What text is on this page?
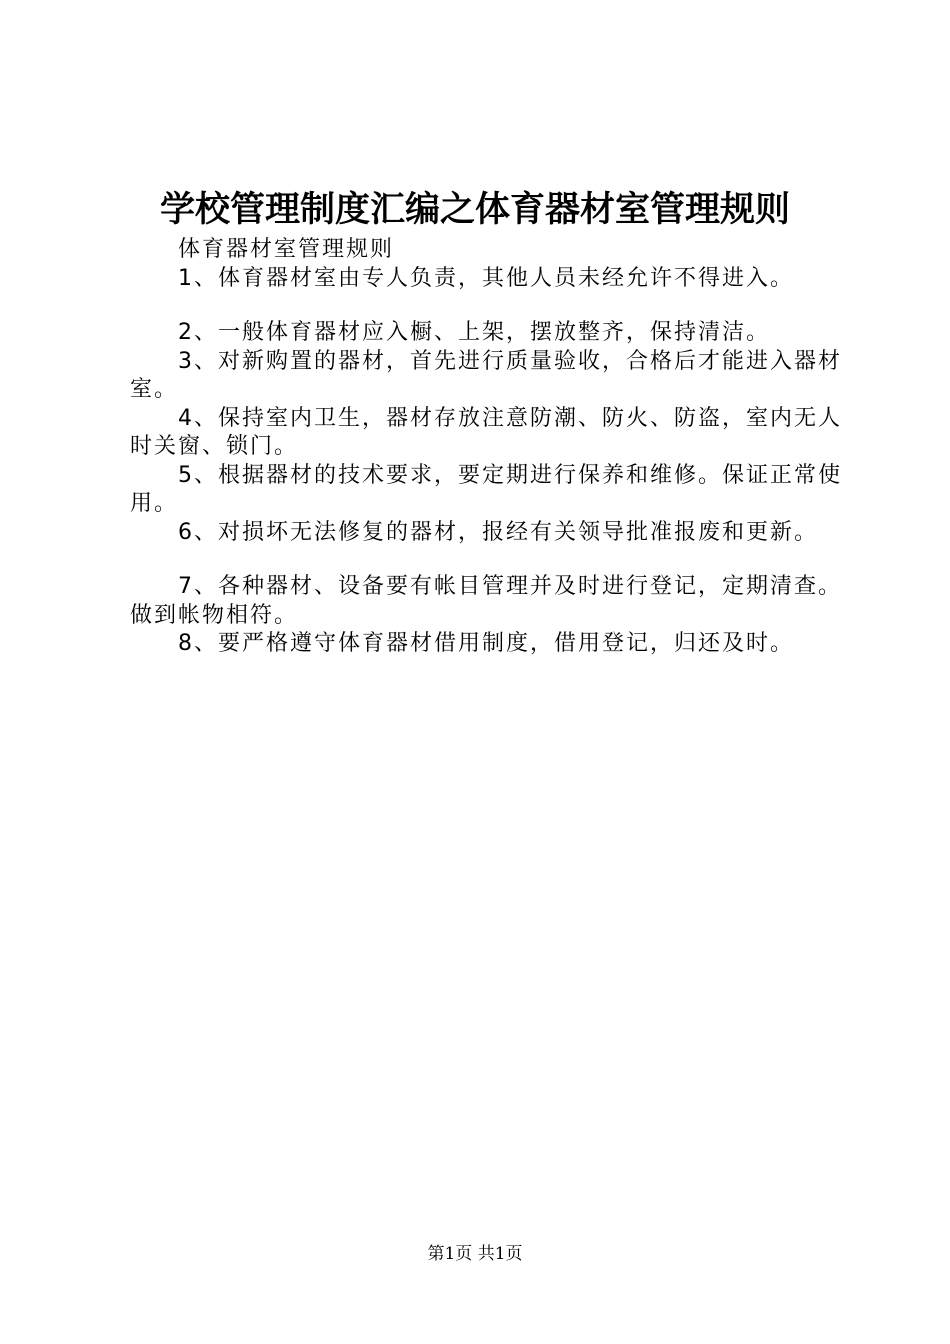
学校管理制度汇编之体育器材室管理规则

体育器材室管理规则

1、体育器材室由专人负责，其他人员未经允许不得进入。

2、一般体育器材应入橱、上架，摆放整齐，保持清洁。

3、对新购置的器材，首先进行质量验收，合格后才能进入器材室。

4、保持室内卫生，器材存放注意防潮、防火、防盗，室内无人时关窗、锁门。

5、根据器材的技术要求，要定期进行保养和维修。保证正常使用。

6、对损坏无法修复的器材，报经有关领导批准报废和更新。

7、各种器材、设备要有帐目管理并及时进行登记，定期清查。做到帐物相符。

8、要严格遵守体育器材借用制度，借用登记，归还及时。

第1页 共1页
